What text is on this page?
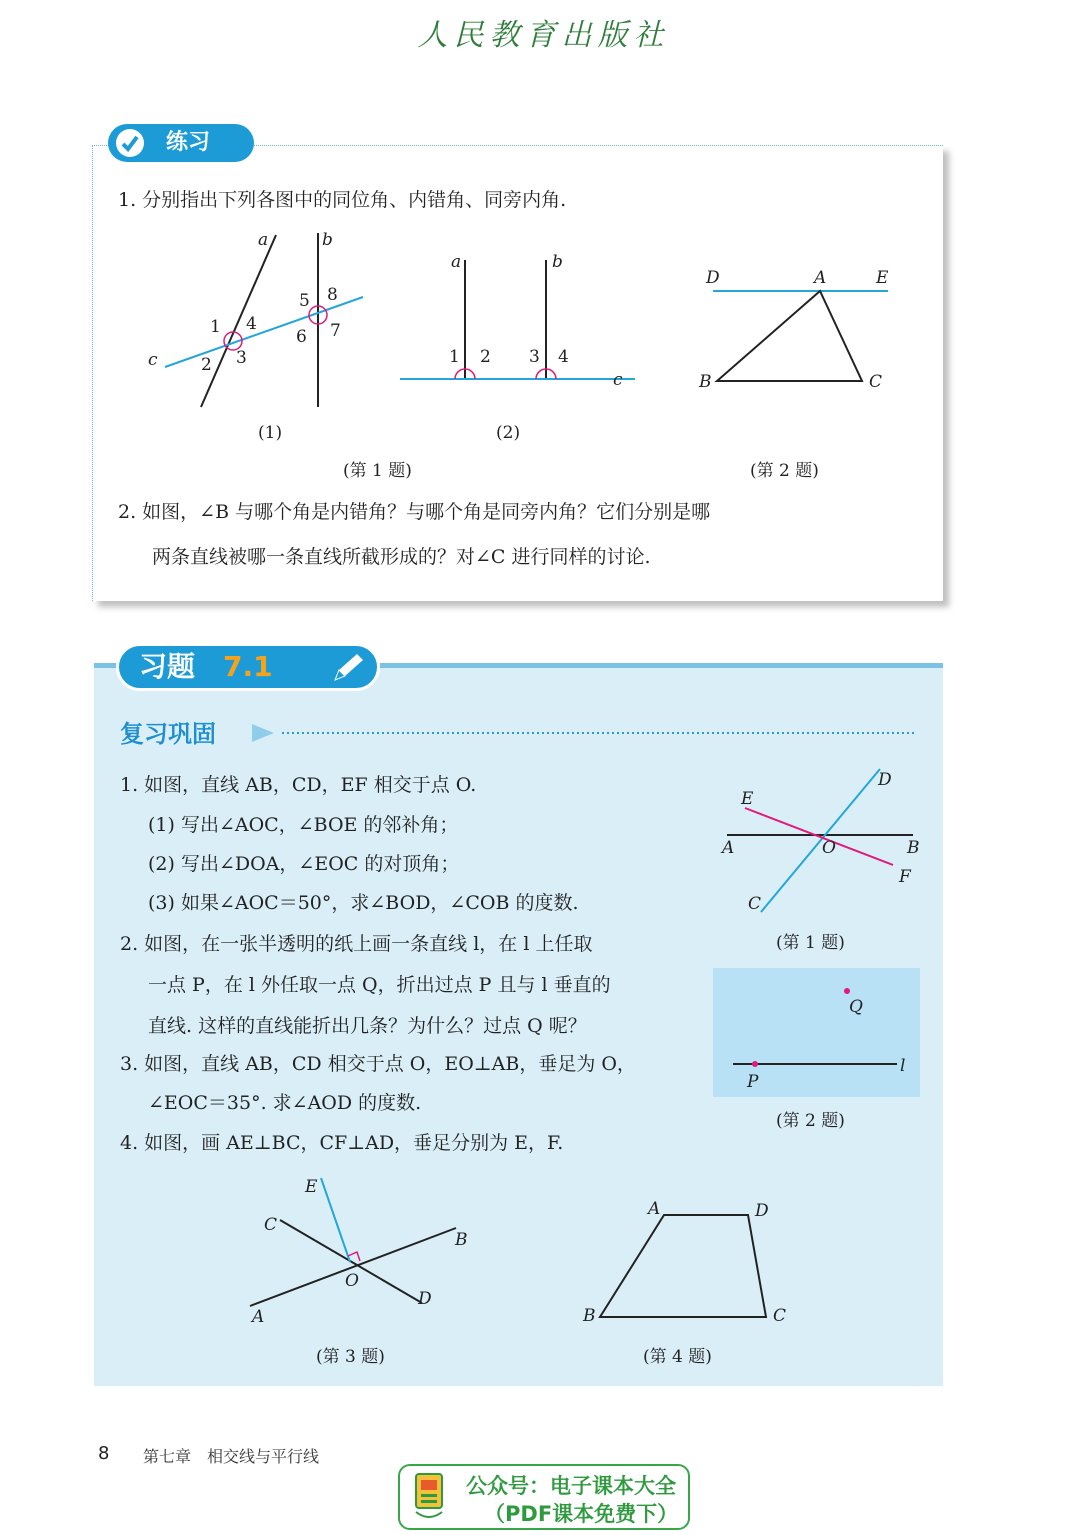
人民教育出版社
练习
1. 分别指出下列各图中的同位角、内错角、同旁内角.
a	b
c
1 4
2 3
5 8
6 7
a	b
c
1 2 3 4
D	A	E
B	C
(1)	(2)
(第 1 题)	(第 2 题)
2. 如图，∠B 与哪个角是内错角？与哪个角是同旁内角？它们分别是哪
两条直线被哪一条直线所截形成的？对∠C 进行同样的讨论.
习题 7.1
复习巩固
1. 如图，直线 AB，CD，EF 相交于点 O.
(1) 写出∠AOC，∠BOE 的邻补角；
(2) 写出∠DOA，∠EOC 的对顶角；
(3) 如果∠AOC＝50°，求∠BOD，∠COB 的度数.
2. 如图，在一张半透明的纸上画一条直线 l，在 l 上任取
一点 P，在 l 外任取一点 Q，折出过点 P 且与 l 垂直的
直线. 这样的直线能折出几条？为什么？过点 Q 呢？
3. 如图，直线 AB，CD 相交于点 O，EO⊥AB，垂足为 O，
∠EOC＝35°. 求∠AOD 的度数.
4. 如图，画 AE⊥BC，CF⊥AD，垂足分别为 E，F.
D
E
A	O	B
F
C
(第 1 题)
Q
P
l
(第 2 题)
E
C
B
O
D
A
(第 3 题)
A	D
B	C
(第 4 题)
8 第七章　相交线与平行线
公众号：电子课本大全
（PDF课本免费下）
